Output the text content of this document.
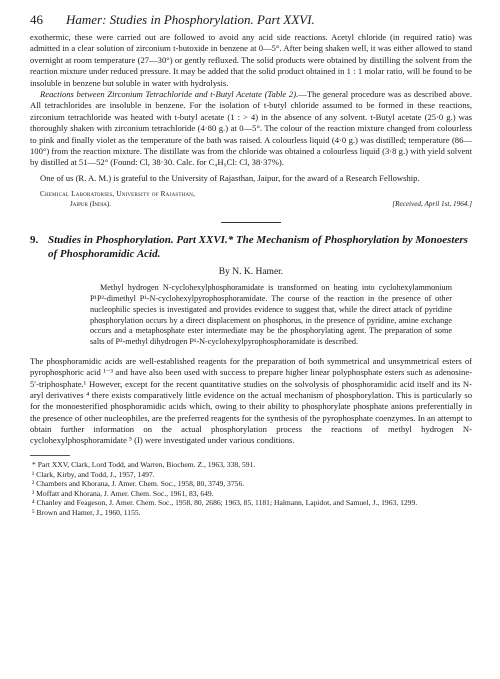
46 Hamer: Studies in Phosphorylation. Part XXVI.

exothermic, these were carried out are followed to avoid any acid side reactions. Acetyl chloride (in required ratio) was admitted in a clear solution of zirconium t-butoxide in benzene at 0—5°. After being shaken well, it was either allowed to stand overnight at room temperature (27—30°) or gently refluxed. The solid products were obtained by distilling the solvent from the reaction mixture under reduced pressure. It may be added that the solid product obtained in 1 : 1 molar ratio, will be found to be insoluble in benzene but soluble in water with hydrolysis.

Reactions between Zirconium Tetrachloride and t-Butyl Acetate (Table 2).—The general procedure was as described above. All tetrachlorides are insoluble in benzene. For the isolation of t-butyl chloride assumed to be formed in these reactions, zirconium tetrachloride was heated with t-butyl acetate (1 : > 4) in the absence of any solvent. t-Butyl acetate (25·0 g.) was thoroughly shaken with zirconium tetrachloride (4·80 g.) at 0—5°. The colour of the reaction mixture changed from colourless to pink and finally violet as the temperature of the bath was raised. A colourless liquid (4·0 g.) was distilled; temperature (86—100°) from the reaction mixture. The distillate was from the chloride was obtained a colourless liquid (3·8 g.) with yield solvent by distilled at 51—52° (Found: Cl, 38·30. Calc. for C₄H₉Cl: Cl, 38·37%).

One of us (R. A. M.) is grateful to the University of Rajasthan, Jaipur, for the award of a Research Fellowship.

Chemical Laboratories, University of Rajasthan,
Jaipur (India).	[Received, April 1st, 1964.]

9. Studies in Phosphorylation. Part XXVI.* The Mechanism of Phosphorylation by Monoesters of Phosphoramidic Acid.

By N. K. Hamer.

Methyl hydrogen N-cyclohexylphosphoramidate is transformed on heating into cyclohexylammonium P¹P²-dimethyl P¹-N-cyclohexylpyrophosphoramidate. The course of the reaction in the presence of other nucleophilic species is investigated and provides evidence to suggest that, while the direct attack of pyridine phosphorylation occurs by a direct displacement on phosphorus, in the presence of pyridine, amine exchange occurs and a metaphosphate ester intermediate may be the phosphorylating agent. The preparation of some salts of P²-methyl dihydrogen P¹-N-cyclohexylpyrophosphoramidate is described.

The phosphoramidic acids are well-established reagents for the preparation of both symmetrical and unsymmetrical esters of pyrophosphoric acid ¹⁻³ and have also been used with success to prepare higher linear polyphosphate esters such as adenosine-5′-triphosphate.¹ However, except for the recent quantitative studies on the solvolysis of phosphoramidic acid itself and its N-aryl derivatives ⁴ there exists comparatively little evidence on the actual mechanism of phosphorylation. This is particularly so for the monoesterified phosphoramidic acids which, owing to their ability to phosphorylate phosphate anions preferentially in the presence of other nucleophiles, are the preferred reagents for the synthesis of the pyrophosphate coenzymes. In an attempt to obtain further information on the actual phosphorylation process the reactions of methyl hydrogen N-cyclohexylphosphoramidate ⁵ (I) were investigated under various conditions.

* Part XXV, Clark, Lord Todd, and Warren, Biochem. Z., 1963, 338, 591.

¹ Clark, Kirby, and Todd, J., 1957, 1497.

² Chambers and Khorana, J. Amer. Chem. Soc., 1958, 80, 3749, 3756.

³ Moffatt and Khorana, J. Amer. Chem. Soc., 1961, 83, 649.

⁴ Chanley and Feageson, J. Amer. Chem. Soc., 1958, 80, 2686; 1963, 85, 1181; Halmann, Lapidot, and Samuel, J., 1963, 1299.

⁵ Brown and Hamer, J., 1960, 1155.
